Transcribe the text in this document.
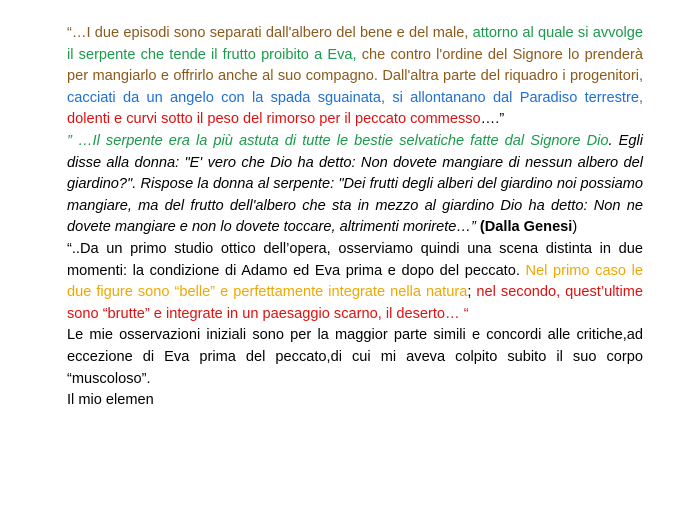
“…I due episodi sono separati dall'albero del bene e del male, attorno al quale si avvolge il serpente che tende il frutto proibito a Eva, che contro l'ordine del Signore lo prenderà per mangiarlo e offrirlo anche al suo compagno. Dall'altra parte del riquadro i progenitori, cacciati da un angelo con la spada sguainata, si allontanano dal Paradiso terrestre, dolenti e curvi sotto il peso del rimorso per il peccato commesso….”

” …Il serpente era la più astuta di tutte le bestie selvatiche fatte dal Signore Dio. Egli disse alla donna: "E' vero che Dio ha detto: Non dovete mangiare di nessun albero del giardino?". Rispose la donna al serpente: "Dei frutti degli alberi del giardino noi possiamo mangiare, ma del frutto dell'albero che sta in mezzo al giardino Dio ha detto: Non ne dovete mangiare e non lo dovete toccare, altrimenti morirete…” (Dalla Genesi)

“..Da un primo studio ottico dell’opera, osserviamo quindi una scena distinta in due momenti: la condizione di Adamo ed Eva prima e dopo del peccato. Nel primo caso le due figure sono “belle” e perfettamente integrate nella natura; nel secondo, quest’ultime sono “brutte” e integrate in un paesaggio scarno, il deserto… “

Le mie osservazioni iniziali sono per la maggior parte simili e concordi alle critiche,ad eccezione di Eva prima del peccato,di cui mi aveva colpito subito il suo corpo “muscoloso”.

Il mio elemen
